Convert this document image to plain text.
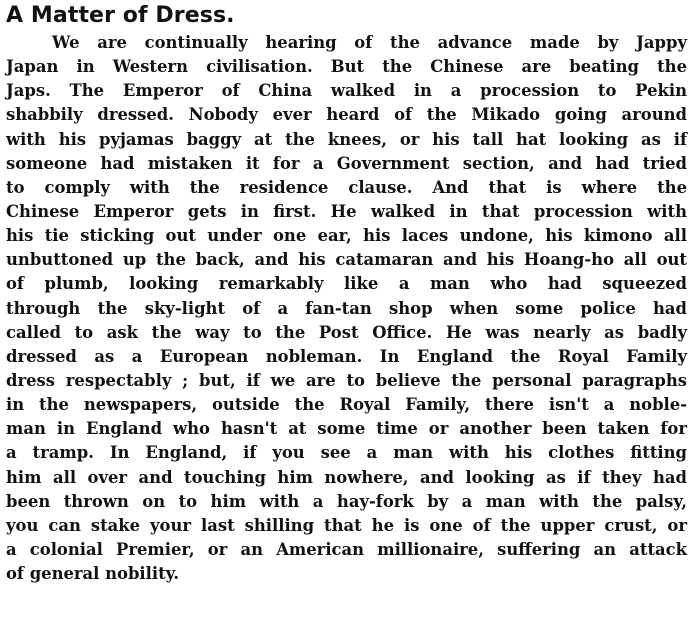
A Matter of Dress.
We are continually hearing of the advance made by Jappy
Japan in Western civilisation. But the Chinese are beating the
Japs. The Emperor of China walked in a procession to Pekin
shabbily dressed. Nobody ever heard of the Mikado going around
with his pyjamas baggy at the knees, or his tall hat looking as if
someone had mistaken it for a Government section, and had tried
to comply with the residence clause. And that is where the
Chinese Emperor gets in first. He walked in that procession with
his tie sticking out under one ear, his laces undone, his kimono all
unbuttoned up the back, and his catamaran and his Hoang-ho all out
of plumb, looking remarkably like a man who had squeezed
through the sky-light of a fan-tan shop when some police had
called to ask the way to the Post Office. He was nearly as badly
dressed as a European nobleman. In England the Royal Family
dress respectably ; but, if we are to believe the personal paragraphs
in the newspapers, outside the Royal Family, there isn't a noble-
man in England who hasn't at some time or another been taken for
a tramp. In England, if you see a man with his clothes fitting
him all over and touching him nowhere, and looking as if they had
been thrown on to him with a hay-fork by a man with the palsy,
you can stake your last shilling that he is one of the upper crust, or
a colonial Premier, or an American millionaire, suffering an attack
of general nobility.
